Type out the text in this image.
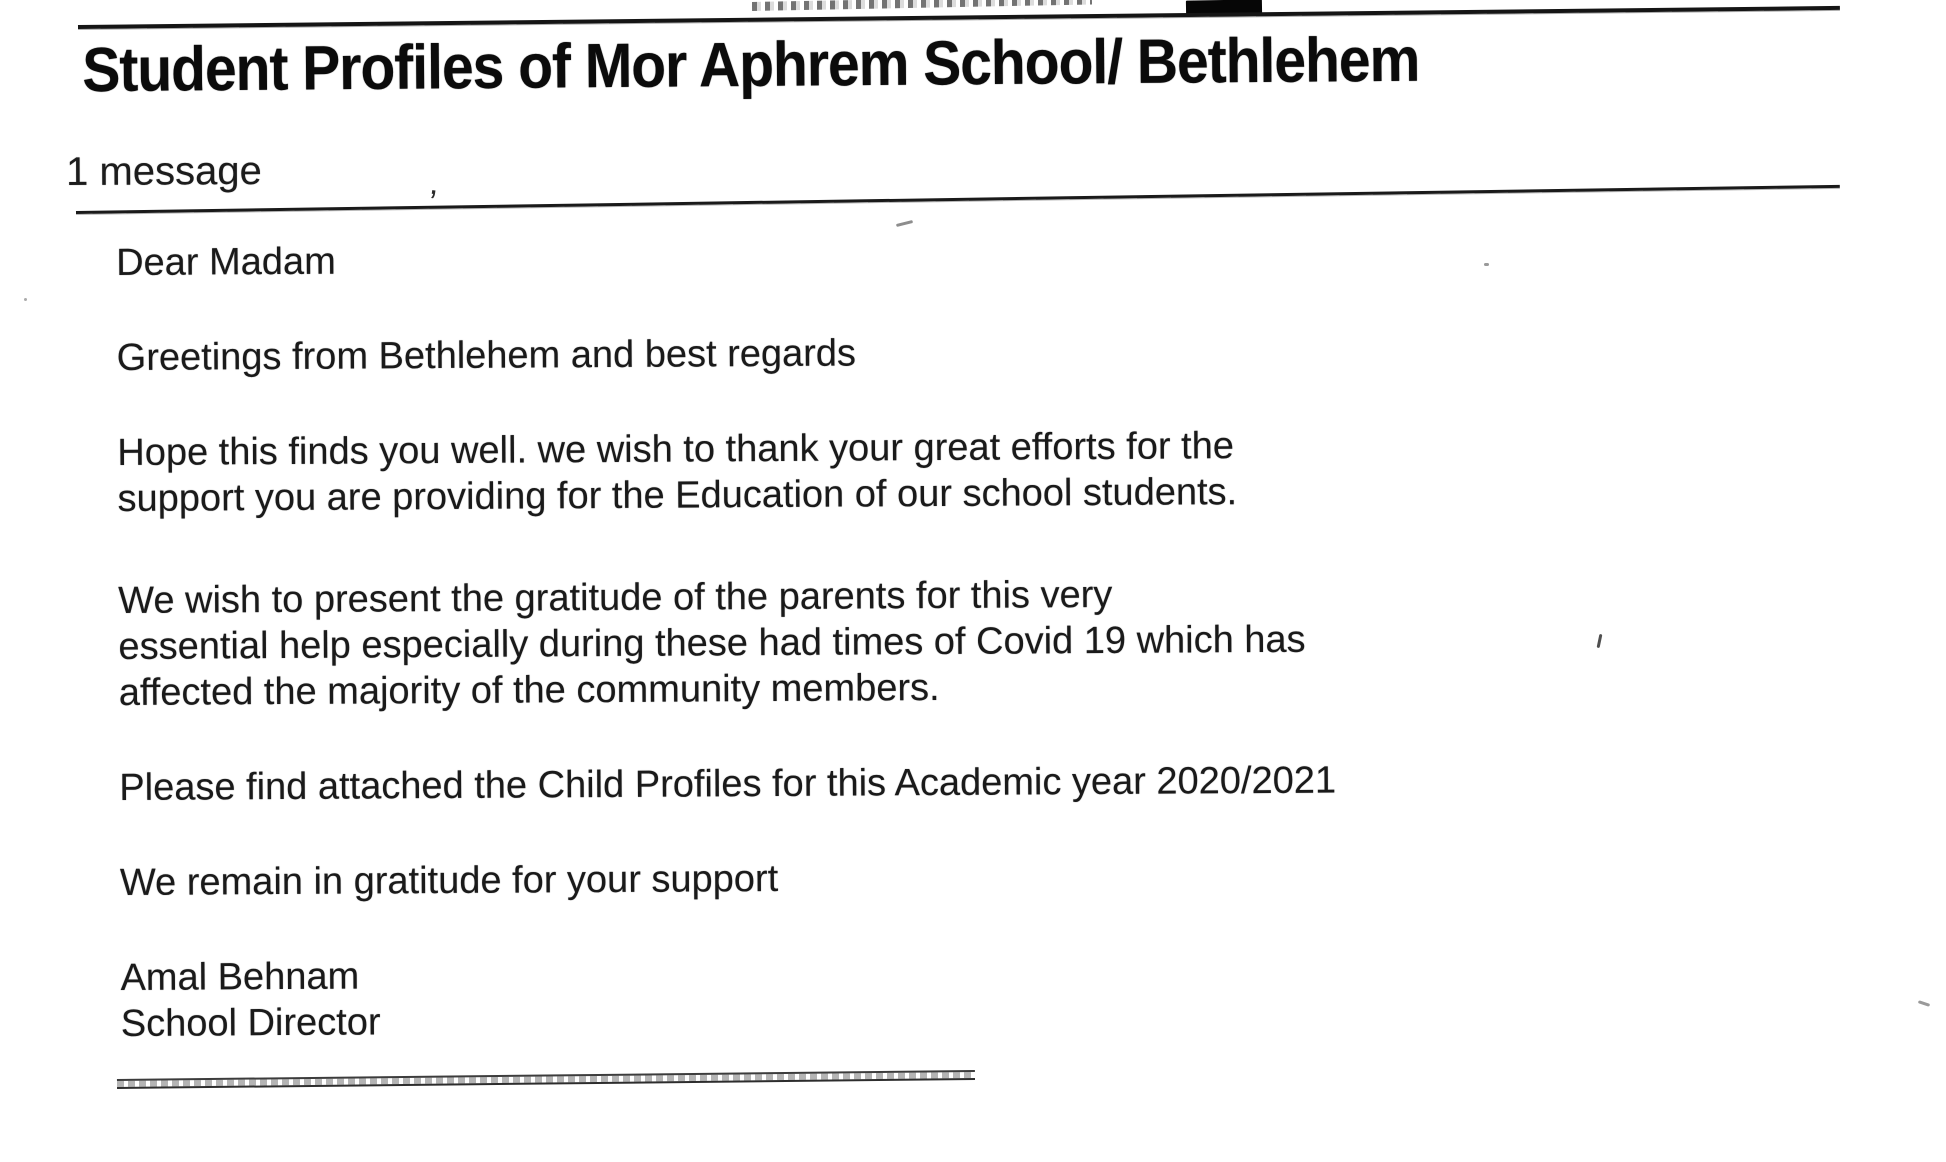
Student Profiles of Mor Aphrem School/ Bethlehem
1 message

Dear Madam

Greetings from Bethlehem and best regards

Hope this finds you well. we wish to thank your great efforts for the
support you are providing for the Education of our school students.

We wish to present the gratitude of the parents for this very
essential help especially during these had times of Covid 19 which has
affected the majority of the community members.

Please find attached the Child Profiles for this Academic year 2020/2021

We remain in gratitude for your support

Amal Behnam

School Director

,
